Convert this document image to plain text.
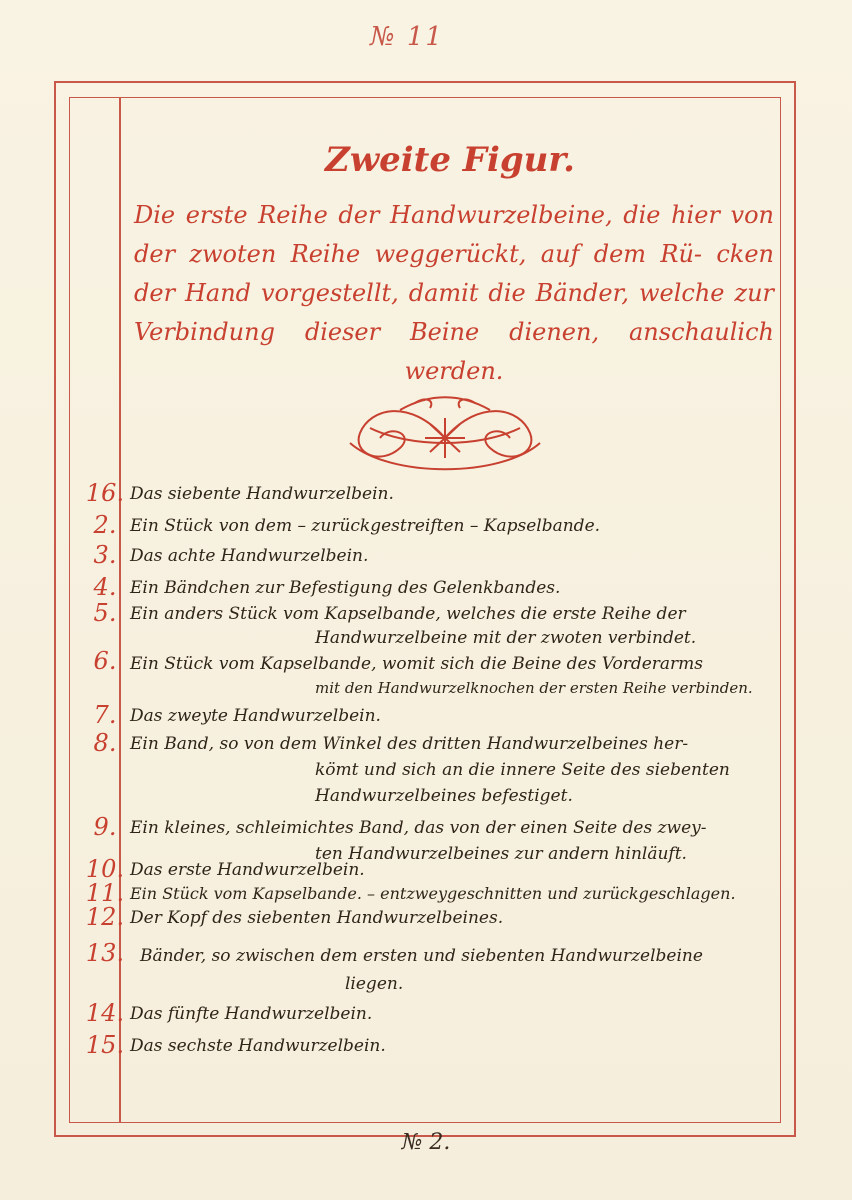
№ 11
Zweite Figur.
Die erste Reihe der Handwurzelbeine, die hier von der zwoten Reihe weggerückt, auf dem Rü- cken der Hand vorgestellt, damit die Bänder, welche zur Verbindung dieser Beine dienen, anschaulich werden.
16. Das siebente Handwurzelbein.
2. Ein Stück von dem – zurückgestreiften – Kapselbande.
3. Das achte Handwurzelbein.
4. Ein Bändchen zur Befestigung des Gelenkbandes.
5. Ein anders Stück vom Kapselbande, welches die erste Reihe der
Handwurzelbeine mit der zwoten verbindet.
6. Ein Stück vom Kapselbande, womit sich die Beine des Vorderarms
mit den Handwurzelknochen der ersten Reihe verbinden.
7. Das zweyte Handwurzelbein.
8. Ein Band, so von dem Winkel des dritten Handwurzelbeines her-
kömt und sich an die innere Seite des siebenten
Handwurzelbeines befestiget.
9. Ein kleines, schleimichtes Band, das von der einen Seite des zwey-
ten Handwurzelbeines zur andern hinläuft.
10. Das erste Handwurzelbein.
11. Ein Stück vom Kapselbande. – entzweygeschnitten und zurückgeschlagen.
12. Der Kopf des siebenten Handwurzelbeines.
13. Bänder, so zwischen dem ersten und siebenten Handwurzelbeine
liegen.
14. Das fünfte Handwurzelbein.
15. Das sechste Handwurzelbein.
№ 2.
